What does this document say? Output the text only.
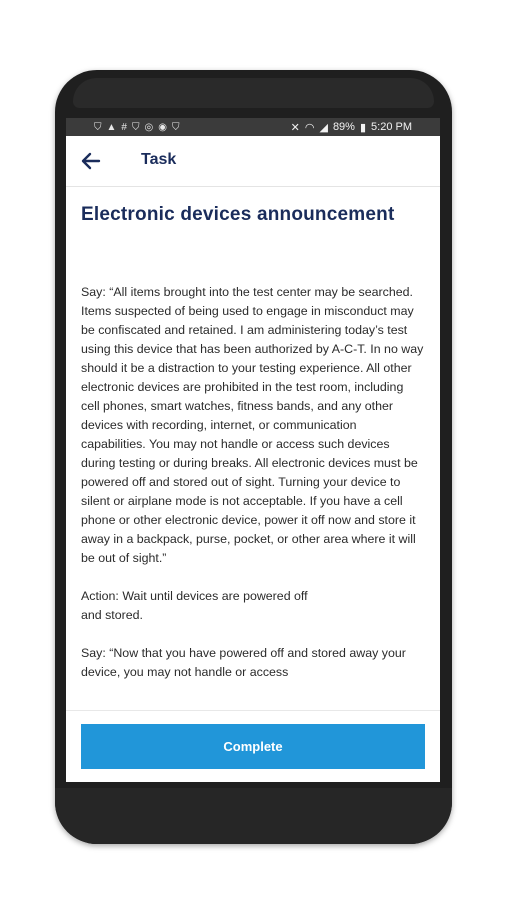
⛉ ▲ # ⛉ ◎ ◉ ⛉	✕ ◠ ◢ 89% ▮ 5:20 PM
Task
Electronic devices announcement

Say: “All items brought into the test center may be searched. Items suspected of being used to engage in misconduct may be confiscated and retained. I am administering today’s test using this device that has been authorized by A-C-T. In no way should it be a distraction to your testing experience. All other electronic devices are prohibited in the test room, including cell phones, smart watches, fitness bands, and any other devices with recording, internet, or communication capabilities. You may not handle or access such devices during testing or during breaks. All electronic devices must be powered off and stored out of sight. Turning your device to silent or airplane mode is not acceptable. If you have a cell phone or other electronic device, power it off now and store it away in a backpack, purse, pocket, or other area where it will be out of sight.”

Action: Wait until devices are powered off
and stored.

Say: “Now that you have powered off and stored away your device, you may not handle or access

Complete
